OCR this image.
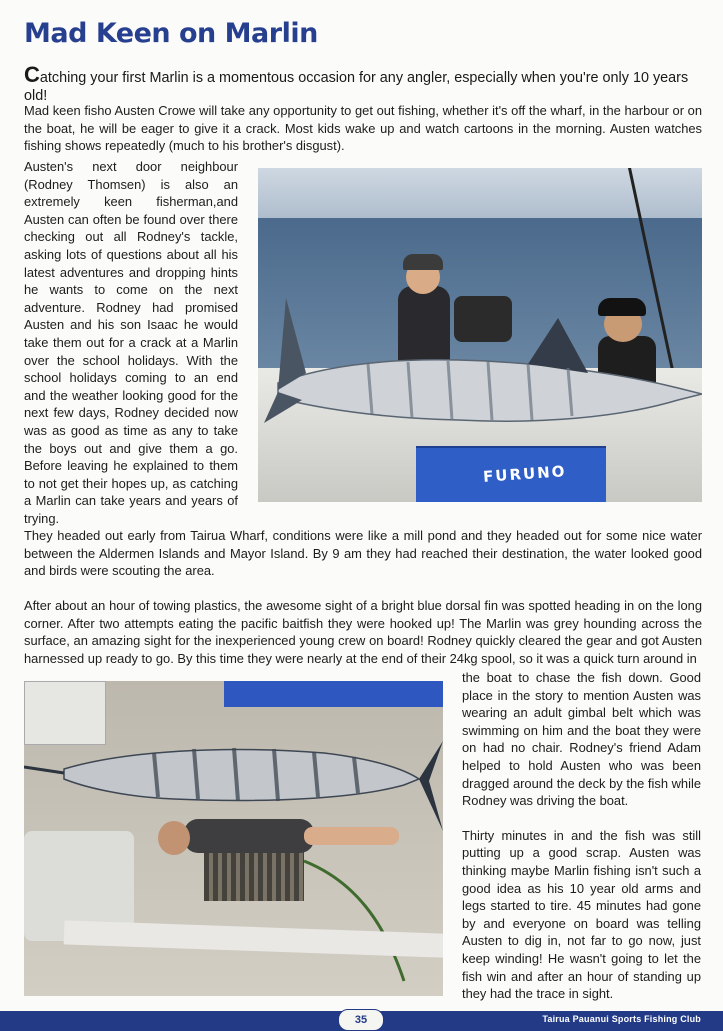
Mad Keen on Marlin
Catching your first Marlin is a momentous occasion for any angler, especially when you're only 10 years old!

Mad keen fisho Austen Crowe will take any opportunity to get out fishing, whether it's off the wharf, in the harbour or on the boat, he will be eager to give it a crack. Most kids wake up and watch cartoons in the morning. Austen watches fishing shows repeatedly (much to his brother's disgust).

Austen's next door neighbour (Rodney Thomsen) is also an extremely keen fisherman,and Austen can often be found over there checking out all Rodney's tackle, asking lots of questions about all his latest adventures and dropping hints he wants to come on the next adventure. Rodney had promised Austen and his son Isaac he would take them out for a crack at a Marlin over the school holidays. With the school holidays coming to an end and the weather looking good for the next few days, Rodney decided now was as good as time as any to take the boys out and give them a go. Before leaving he explained to them to not get their hopes up, as catching a Marlin can take years and years of trying.

FURUNO

They headed out early from Tairua Wharf, conditions were like a mill pond and they headed out for some nice water between the Aldermen Islands and Mayor Island. By 9 am they had reached their destination, the water looked good and birds were scouting the area.

After about an hour of towing plastics, the awesome sight of a bright blue dorsal fin was spotted heading in on the long corner. After two attempts eating the pacific baitfish they were hooked up! The Marlin was grey hounding across the surface, an amazing sight for the inexperienced young crew on board! Rodney quickly cleared the gear and got Austen harnessed up ready to go. By this time they were nearly at the end of their 24kg spool, so it was a quick turn around in

the boat to chase the fish down. Good place in the story to mention Austen was wearing an adult gimbal belt which was swimming on him and the boat they were on had no chair. Rodney's friend Adam helped to hold Austen who was been dragged around the deck by the fish while Rodney was driving the boat.

Thirty minutes in and the fish was still putting up a good scrap. Austen was thinking maybe Marlin fishing isn't such a good idea as his 10 year old arms and legs started to tire. 45 minutes had gone by and everyone on board was telling Austen to dig in, not far to go now, just keep winding! He wasn't going to let the fish win and after an hour of standing up they had the trace in sight.

Tairua Pauanui Sports Fishing Club
35
